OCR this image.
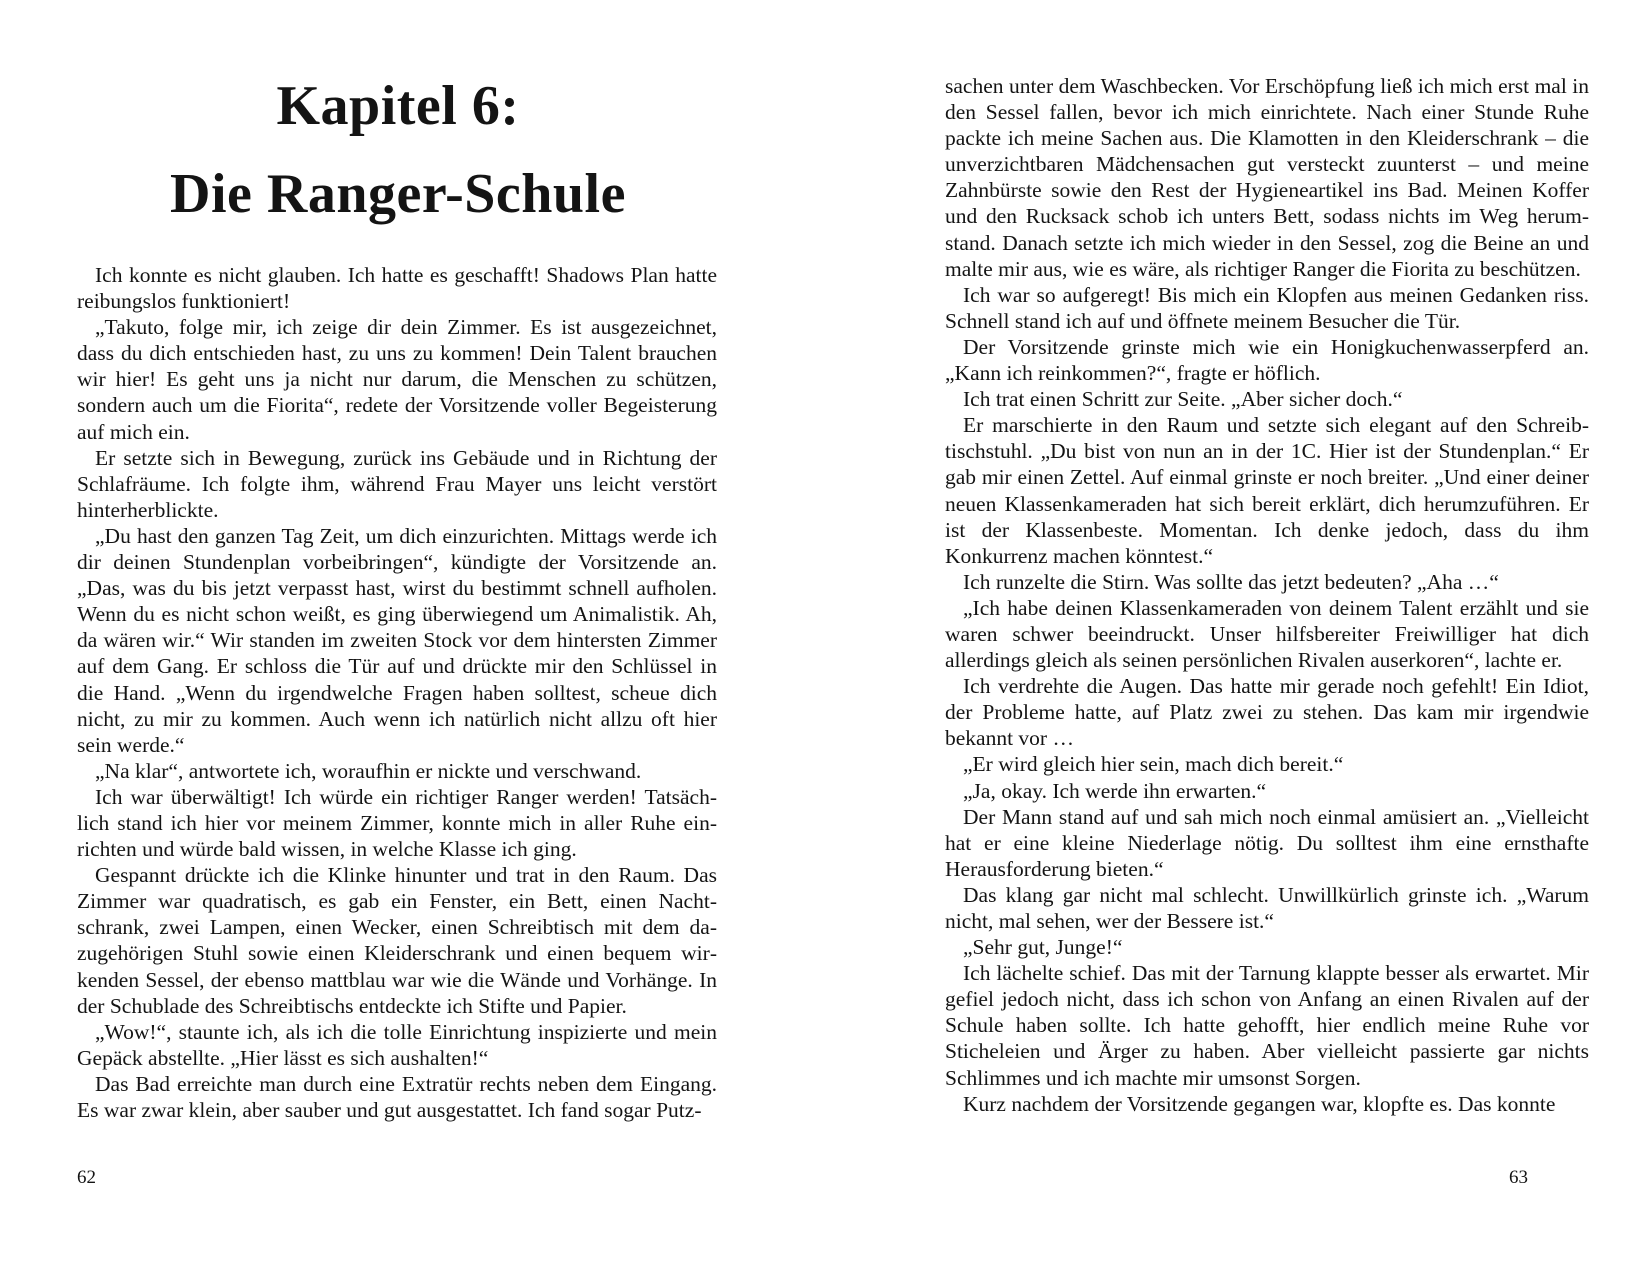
Kapitel 6:
Die Ranger-Schule

Ich konnte es nicht glauben. Ich hatte es geschafft! Shadows Plan hatte reibungslos funktioniert!

„Takuto, folge mir, ich zeige dir dein Zimmer. Es ist ausgezeichnet, dass du dich entschieden hast, zu uns zu kommen! Dein Talent brauchen wir hier! Es geht uns ja nicht nur darum, die Menschen zu schützen, sondern auch um die Fiorita“, redete der Vorsitzende voller Begeisterung auf mich ein.

Er setzte sich in Bewegung, zurück ins Gebäude und in Richtung der Schlafräume. Ich folgte ihm, während Frau Mayer uns leicht verstört hinterherblickte.

„Du hast den ganzen Tag Zeit, um dich einzurichten. Mittags werde ich dir deinen Stundenplan vorbeibringen“, kündigte der Vorsitzende an. „Das, was du bis jetzt verpasst hast, wirst du bestimmt schnell aufholen. Wenn du es nicht schon weißt, es ging überwiegend um Animalistik. Ah, da wären wir.“ Wir standen im zweiten Stock vor dem hintersten Zimmer auf dem Gang. Er schloss die Tür auf und drückte mir den Schlüssel in die Hand. „Wenn du irgendwelche Fragen haben solltest, scheue dich nicht, zu mir zu kommen. Auch wenn ich natürlich nicht allzu oft hier sein werde.“

„Na klar“, antwortete ich, woraufhin er nickte und verschwand.

Ich war überwältigt! Ich würde ein richtiger Ranger werden! Tatsächlich stand ich hier vor meinem Zimmer, konnte mich in aller Ruhe einrichten und würde bald wissen, in welche Klasse ich ging.

Gespannt drückte ich die Klinke hinunter und trat in den Raum. Das Zimmer war quadratisch, es gab ein Fenster, ein Bett, einen Nachtschrank, zwei Lampen, einen Wecker, einen Schreibtisch mit dem dazugehörigen Stuhl sowie einen Kleiderschrank und einen bequem wirkenden Sessel, der ebenso mattblau war wie die Wände und Vorhänge. In der Schublade des Schreibtischs entdeckte ich Stifte und Papier.

„Wow!“, staunte ich, als ich die tolle Einrichtung inspizierte und mein Gepäck abstellte. „Hier lässt es sich aushalten!“

Das Bad erreichte man durch eine Extratür rechts neben dem Eingang. Es war zwar klein, aber sauber und gut ausgestattet. Ich fand sogar Putz-

62

sachen unter dem Waschbecken. Vor Erschöpfung ließ ich mich erst mal in den Sessel fallen, bevor ich mich einrichtete. Nach einer Stunde Ruhe packte ich meine Sachen aus. Die Klamotten in den Kleiderschrank – die unverzichtbaren Mädchensachen gut versteckt zuunterst – und meine Zahnbürste sowie den Rest der Hygieneartikel ins Bad. Meinen Koffer und den Rucksack schob ich unters Bett, sodass nichts im Weg herumstand. Danach setzte ich mich wieder in den Sessel, zog die Beine an und malte mir aus, wie es wäre, als richtiger Ranger die Fiorita zu beschützen.

Ich war so aufgeregt! Bis mich ein Klopfen aus meinen Gedanken riss. Schnell stand ich auf und öffnete meinem Besucher die Tür.

Der Vorsitzende grinste mich wie ein Honigkuchenwasserpferd an. „Kann ich reinkommen?“, fragte er höflich.

Ich trat einen Schritt zur Seite. „Aber sicher doch.“

Er marschierte in den Raum und setzte sich elegant auf den Schreibtischstuhl. „Du bist von nun an in der 1C. Hier ist der Stundenplan.“ Er gab mir einen Zettel. Auf einmal grinste er noch breiter. „Und einer deiner neuen Klassenkameraden hat sich bereit erklärt, dich herumzuführen. Er ist der Klassenbeste. Momentan. Ich denke jedoch, dass du ihm Konkurrenz machen könntest.“

Ich runzelte die Stirn. Was sollte das jetzt bedeuten? „Aha …“

„Ich habe deinen Klassenkameraden von deinem Talent erzählt und sie waren schwer beeindruckt. Unser hilfsbereiter Freiwilliger hat dich allerdings gleich als seinen persönlichen Rivalen auserkoren“, lachte er.

Ich verdrehte die Augen. Das hatte mir gerade noch gefehlt! Ein Idiot, der Probleme hatte, auf Platz zwei zu stehen. Das kam mir irgendwie bekannt vor …

„Er wird gleich hier sein, mach dich bereit.“

„Ja, okay. Ich werde ihn erwarten.“

Der Mann stand auf und sah mich noch einmal amüsiert an. „Vielleicht hat er eine kleine Niederlage nötig. Du solltest ihm eine ernsthafte Herausforderung bieten.“

Das klang gar nicht mal schlecht. Unwillkürlich grinste ich. „Warum nicht, mal sehen, wer der Bessere ist.“

„Sehr gut, Junge!“

Ich lächelte schief. Das mit der Tarnung klappte besser als erwartet. Mir gefiel jedoch nicht, dass ich schon von Anfang an einen Rivalen auf der Schule haben sollte. Ich hatte gehofft, hier endlich meine Ruhe vor Sticheleien und Ärger zu haben. Aber vielleicht passierte gar nichts Schlimmes und ich machte mir umsonst Sorgen.

Kurz nachdem der Vorsitzende gegangen war, klopfte es. Das konnte

63
